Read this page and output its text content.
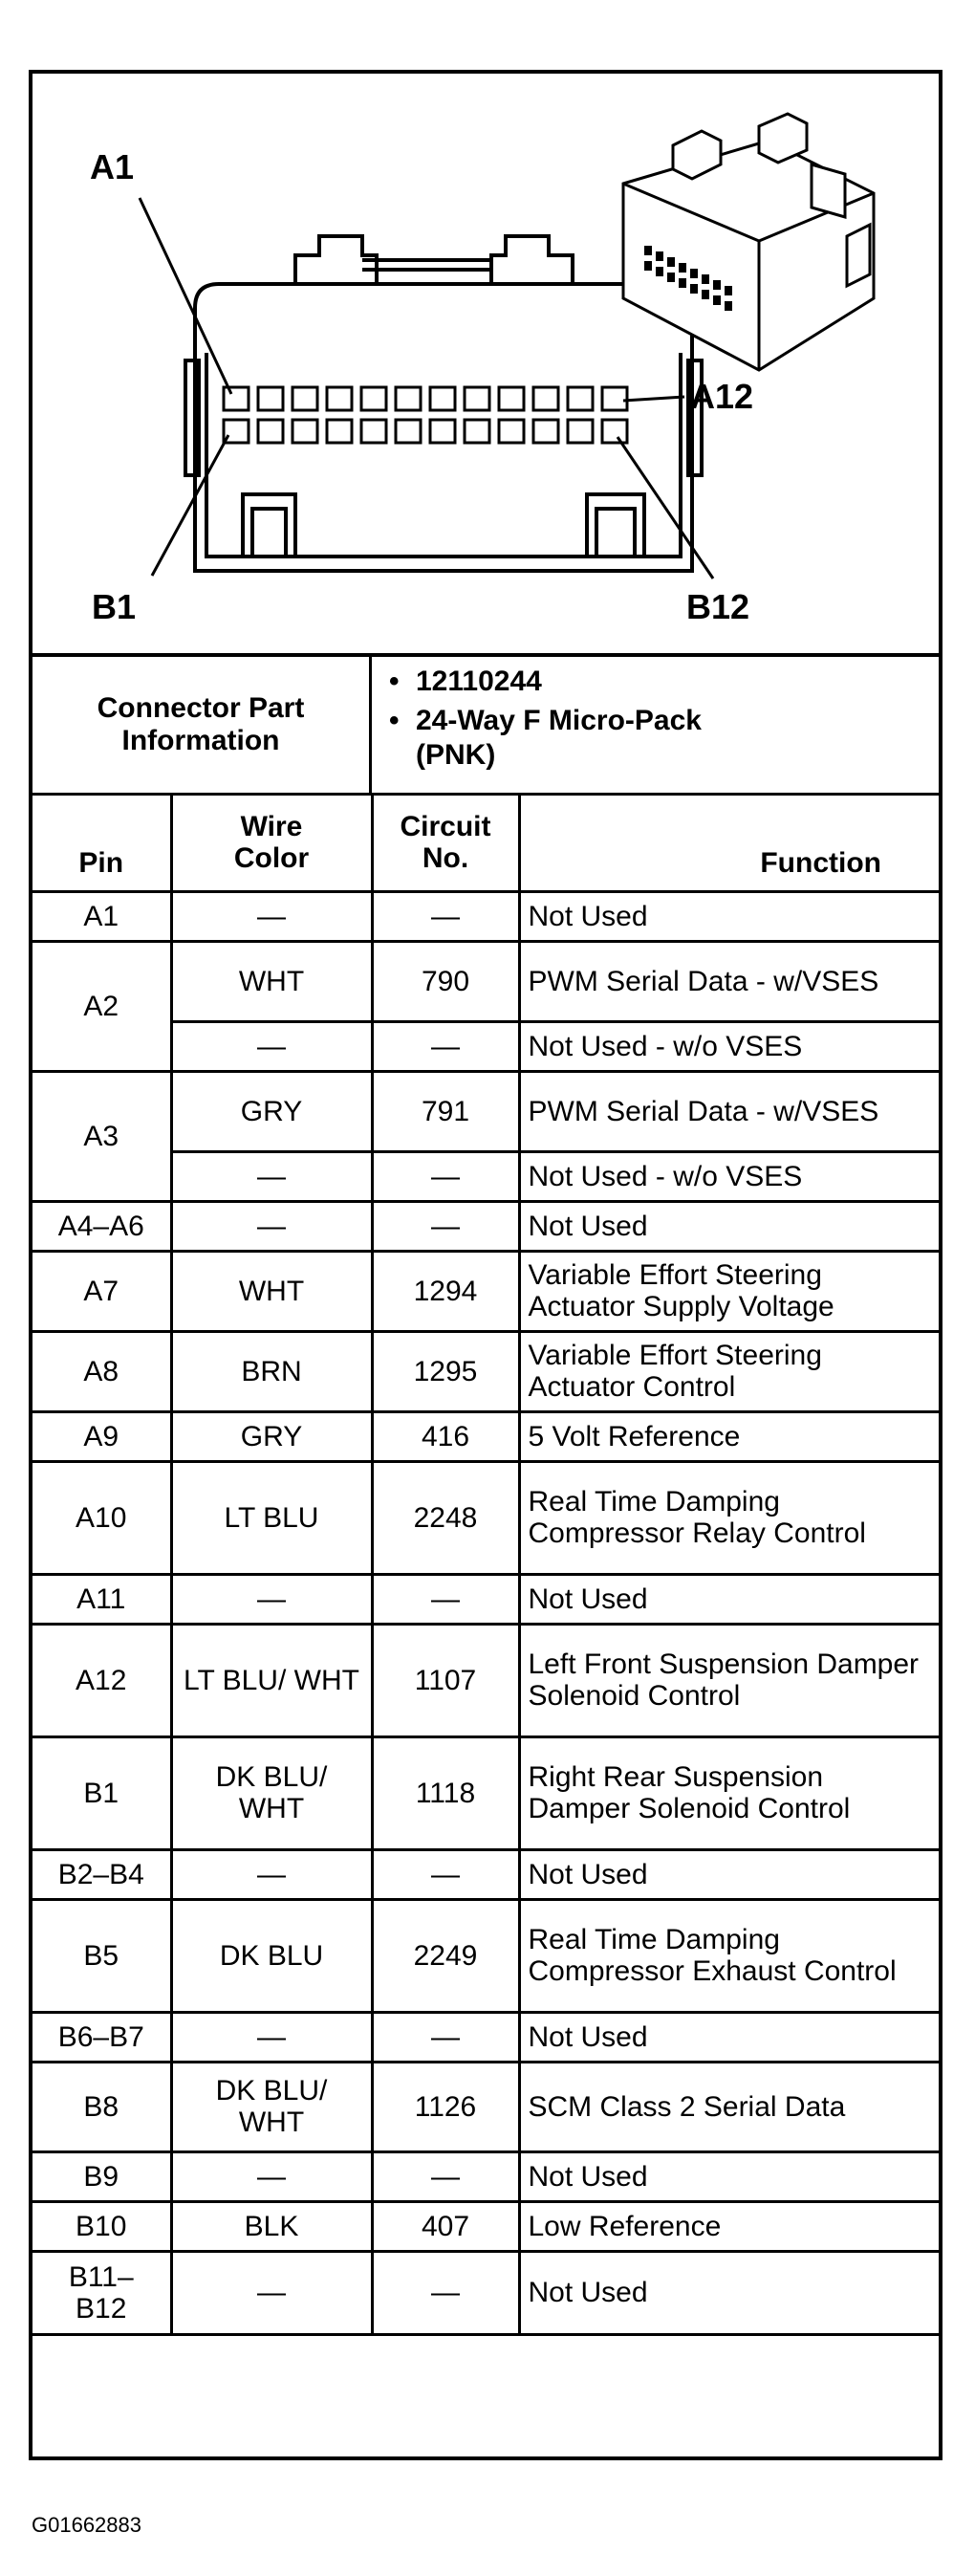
A1
A12
B1	B12
Connector Part Information
• 12110244
• 24-Way F Micro-Pack (PNK)
Pin	Wire Color	Circuit No.	Function
A1	—	—	Not Used
A2	WHT	790	PWM Serial Data - w/VSES
	—	—	Not Used - w/o VSES
A3	GRY	791	PWM Serial Data - w/VSES
	—	—	Not Used - w/o VSES
A4–A6	—	—	Not Used
A7	WHT	1294	Variable Effort Steering Actuator Supply Voltage
A8	BRN	1295	Variable Effort Steering Actuator Control
A9	GRY	416	5 Volt Reference
A10	LT BLU	2248	Real Time Damping Compressor Relay Control
A11	—	—	Not Used
A12	LT BLU/ WHT	1107	Left Front Suspension Damper Solenoid Control
B1	DK BLU/ WHT	1118	Right Rear Suspension Damper Solenoid Control
B2–B4	—	—	Not Used
B5	DK BLU	2249	Real Time Damping Compressor Exhaust Control
B6–B7	—	—	Not Used
B8	DK BLU/ WHT	1126	SCM Class 2 Serial Data
B9	—	—	Not Used
B10	BLK	407	Low Reference

B11– B12	—	—	Not Used
G01662883
